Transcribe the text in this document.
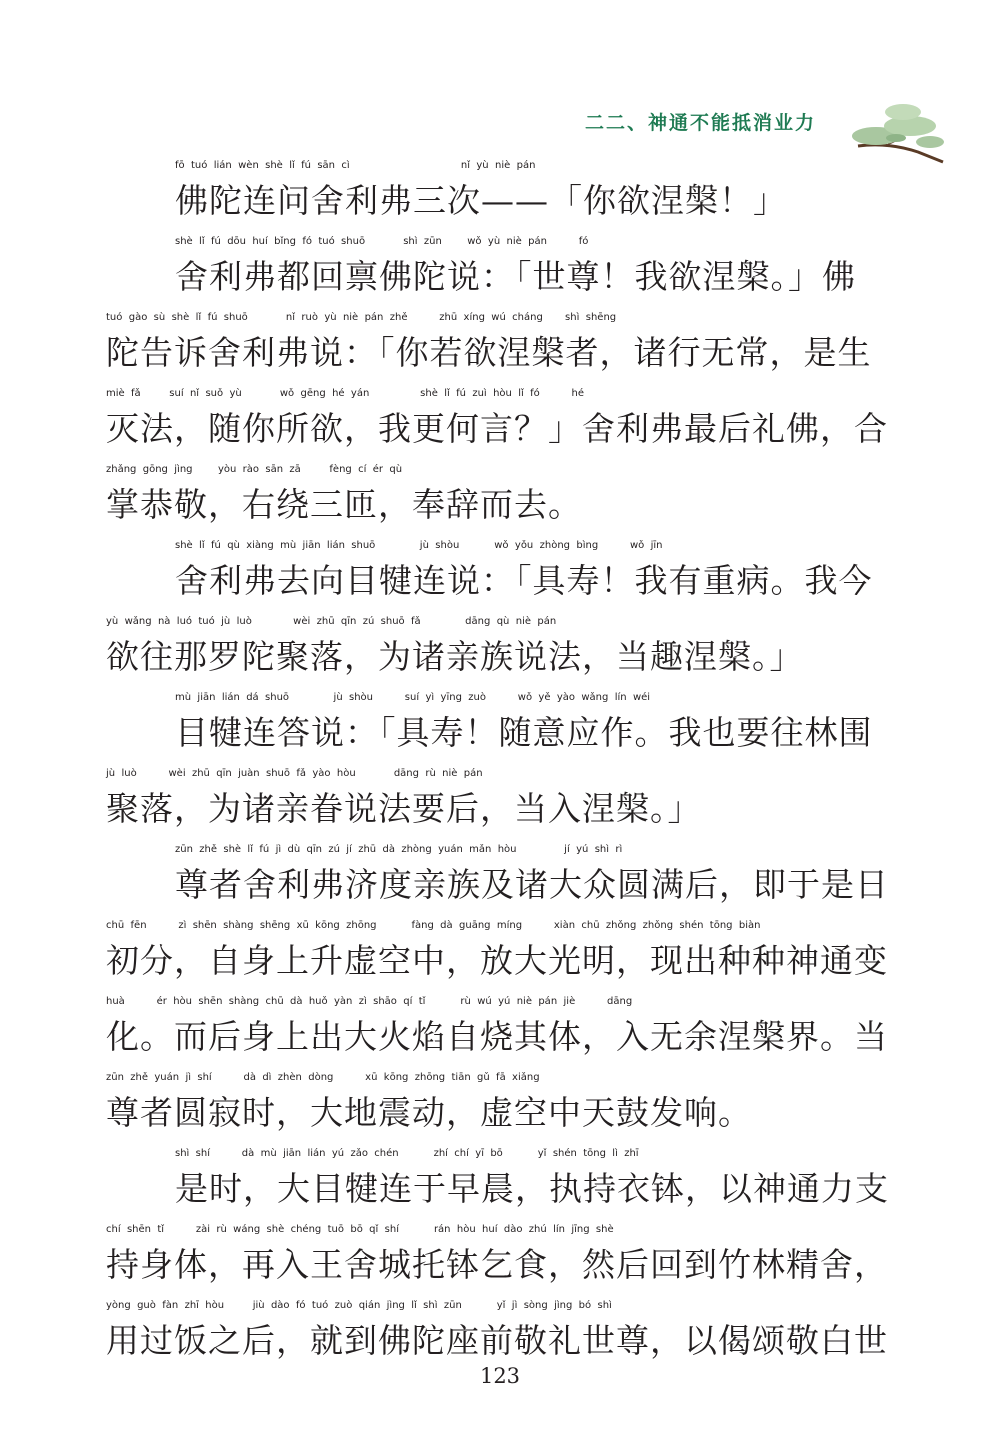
二二、神通不能抵消业力
fō  tuó  lián  wèn  shè  lǐ  fú  sān  cì                                   nǐ  yù  niè  pán
佛陀连问舍利弗三次——「你欲涅槃！」
shè  lǐ  fú  dōu  huí  bǐng  fó  tuó  shuō            shì  zūn        wǒ  yù  niè  pán          fó
舍利弗都回禀佛陀说：「世尊！我欲涅槃。」佛
tuó  gào  sù  shè  lǐ  fú  shuō            nǐ  ruò  yù  niè  pán  zhě          zhū  xíng  wú  cháng       shì  shēng
陀告诉舍利弗说：「你若欲涅槃者，诸行无常，是生
miè  fǎ         suí  nǐ  suǒ  yù            wǒ  gēng  hé  yán                shè  lǐ  fú  zuì  hòu  lǐ  fó          hé
灭法，随你所欲，我更何言？」舍利弗最后礼佛，合
zhǎng  gōng  jìng        yòu  rào  sān  zā         fèng  cí  ér  qù
掌恭敬，右绕三匝，奉辞而去。
shè  lǐ  fú  qù  xiàng  mù  jiān  lián  shuō              jù  shòu           wǒ  yǒu  zhòng  bìng          wǒ  jīn
舍利弗去向目犍连说：「具寿！我有重病。我今
yù  wǎng  nà  luó  tuó  jù  luò             wèi  zhū  qīn  zú  shuō  fǎ              dāng  qù  niè  pán
欲往那罗陀聚落，为诸亲族说法，当趣涅槃。」
mù  jiān  lián  dá  shuō              jù  shòu          suí  yì  yīng  zuò          wǒ  yě  yào  wǎng  lín  wéi
目犍连答说：「具寿！随意应作。我也要往林围
jù  luò          wèi  zhū  qīn  juàn  shuō  fǎ  yào  hòu            dāng  rù  niè  pán
聚落，为诸亲眷说法要后，当入涅槃。」
zūn  zhě  shè  lǐ  fú  jì  dù  qīn  zú  jí  zhū  dà  zhòng  yuán  mǎn  hòu               jí  yú  shì  rì
尊者舍利弗济度亲族及诸大众圆满后，即于是日
chū  fēn          zì  shēn  shàng  shēng  xū  kōng  zhōng           fàng  dà  guāng  míng          xiàn  chū  zhǒng  zhǒng  shén  tōng  biàn
初分，自身上升虚空中，放大光明，现出种种神通变
huà          ér  hòu  shēn  shàng  chū  dà  huǒ  yàn  zì  shāo  qí  tǐ           rù  wú  yú  niè  pán  jiè          dāng
化。而后身上出大火焰自烧其体，入无余涅槃界。当
zūn  zhě  yuán  jì  shí          dà  dì  zhèn  dòng          xū  kōng  zhōng  tiān  gǔ  fā  xiǎng
尊者圆寂时，大地震动，虚空中天鼓发响。
shì  shí          dà  mù  jiān  lián  yú  zǎo  chén           zhí  chí  yī  bō           yǐ  shén  tōng  lì  zhī
是时，大目犍连于早晨，执持衣钵，以神通力支
chí  shēn  tǐ          zài  rù  wáng  shè  chéng  tuō  bō  qǐ  shí           rán  hòu  huí  dào  zhú  lín  jīng  shè
持身体，再入王舍城托钵乞食，然后回到竹林精舍，
yòng  guò  fàn  zhī  hòu         jiù  dào  fó  tuó  zuò  qián  jìng  lǐ  shì  zūn           yǐ  jì  sòng  jìng  bó  shì
用过饭之后，就到佛陀座前敬礼世尊，以偈颂敬白世
123
